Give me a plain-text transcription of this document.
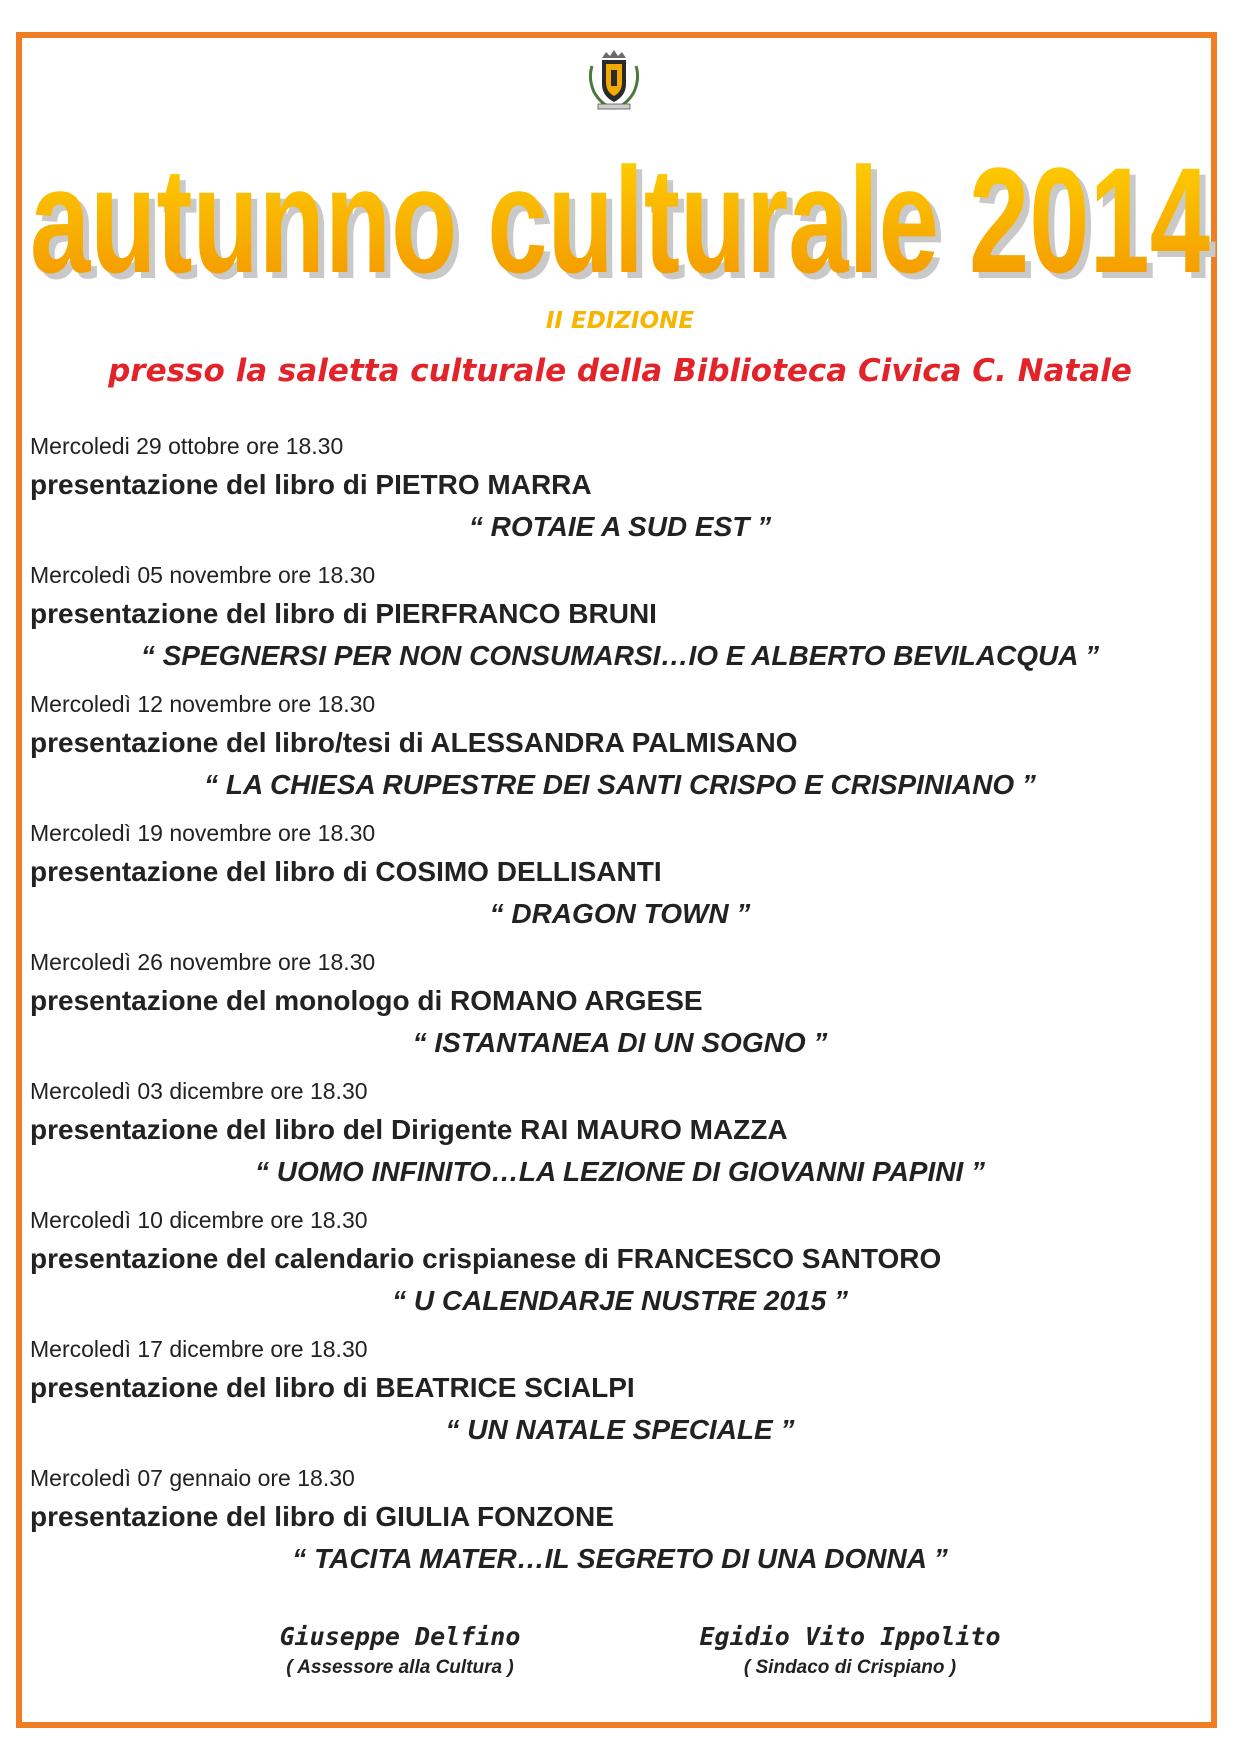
autunno culturale 2014
autunno culturale 2014
II EDIZIONE
presso la saletta culturale della Biblioteca Civica C. Natale
Mercoledi 29 ottobre ore 18.30
presentazione del libro di PIETRO MARRA
“ ROTAIE A SUD EST ”
Mercoledì 05 novembre ore 18.30
presentazione del libro di PIERFRANCO BRUNI
“ SPEGNERSI PER NON CONSUMARSI…IO E ALBERTO BEVILACQUA ”
Mercoledì 12 novembre ore 18.30
presentazione del libro/tesi di ALESSANDRA PALMISANO
“ LA CHIESA RUPESTRE DEI SANTI CRISPO E CRISPINIANO ”
Mercoledì 19 novembre ore 18.30
presentazione del libro di COSIMO DELLISANTI
“ DRAGON TOWN ”
Mercoledì 26 novembre ore 18.30
presentazione del monologo di ROMANO ARGESE
“ ISTANTANEA DI UN SOGNO ”
Mercoledì 03 dicembre ore 18.30
presentazione del libro del Dirigente RAI MAURO MAZZA
“ UOMO INFINITO…LA LEZIONE DI GIOVANNI PAPINI ”
Mercoledì 10 dicembre ore 18.30
presentazione del calendario crispianese di FRANCESCO SANTORO
“ U CALENDARJE NUSTRE 2015 ”
Mercoledì 17 dicembre ore 18.30
presentazione del libro di BEATRICE SCIALPI
“ UN NATALE SPECIALE ”
Mercoledì 07 gennaio ore 18.30
presentazione del libro di GIULIA FONZONE
“ TACITA MATER…IL SEGRETO DI UNA DONNA ”
Giuseppe Delfino
( Assessore alla Cultura )
Egidio Vito Ippolito
( Sindaco di Crispiano )
